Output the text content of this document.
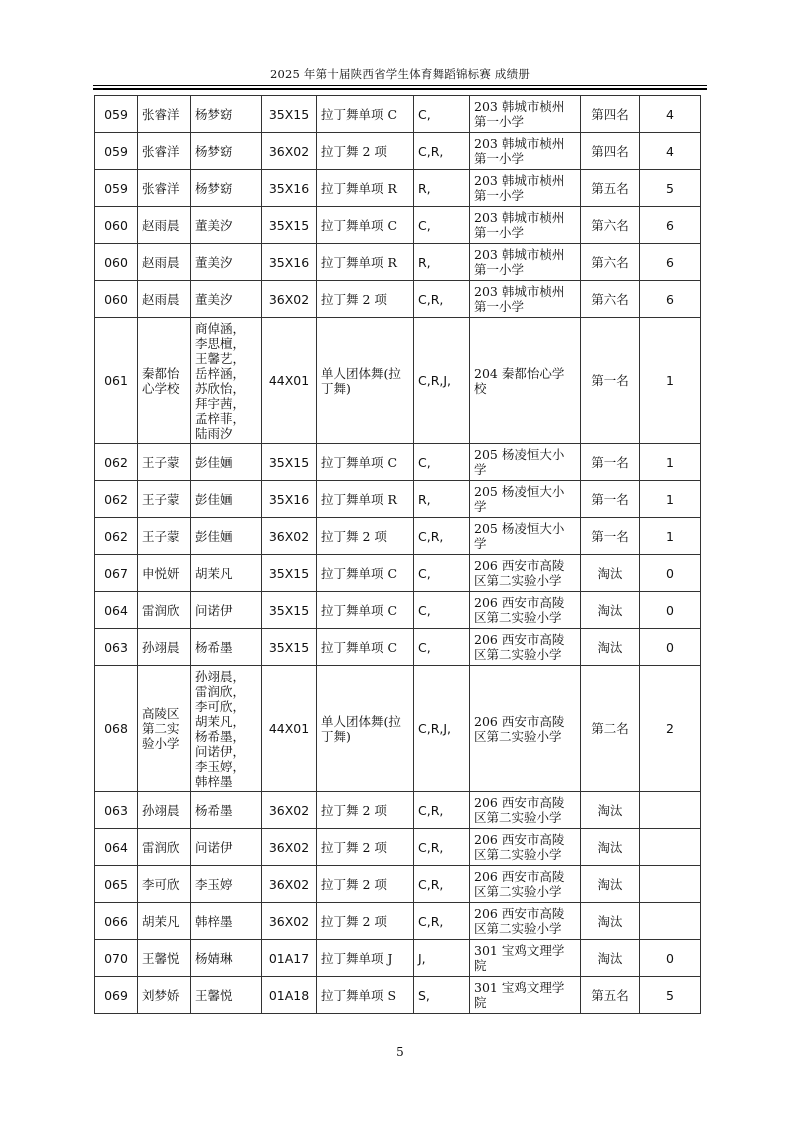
2025 年第十届陕西省学生体育舞蹈锦标赛 成绩册
059	张睿洋	杨梦窈	35X15	拉丁舞单项 C	C,	203 韩城市桢州第一小学	第四名	4
059	张睿洋	杨梦窈	36X02	拉丁舞 2 项	C,R,	203 韩城市桢州第一小学	第四名	4
059	张睿洋	杨梦窈	35X16	拉丁舞单项 R	R,	203 韩城市桢州第一小学	第五名	5
060	赵雨晨	董美汐	35X15	拉丁舞单项 C	C,	203 韩城市桢州第一小学	第六名	6
060	赵雨晨	董美汐	35X16	拉丁舞单项 R	R,	203 韩城市桢州第一小学	第六名	6
060	赵雨晨	董美汐	36X02	拉丁舞 2 项	C,R,	203 韩城市桢州第一小学	第六名	6
061	秦都怡心学校	商倬涵，李思檀，王馨艺，岳梓涵，苏欣怡，拜宇茜，孟梓菲，陆雨汐	44X01	单人团体舞(拉丁舞)	C,R,J,	204 秦都怡心学校	第一名	1
062	王子蒙	彭佳婳	35X15	拉丁舞单项 C	C,	205 杨凌恒大小学	第一名	1
062	王子蒙	彭佳婳	35X16	拉丁舞单项 R	R,	205 杨凌恒大小学	第一名	1
062	王子蒙	彭佳婳	36X02	拉丁舞 2 项	C,R,	205 杨凌恒大小学	第一名	1
067	申悦妍	胡茉凡	35X15	拉丁舞单项 C	C,	206 西安市高陵区第二实验小学	淘汰	0
064	雷润欣	问诺伊	35X15	拉丁舞单项 C	C,	206 西安市高陵区第二实验小学	淘汰	0
063	孙翊晨	杨希墨	35X15	拉丁舞单项 C	C,	206 西安市高陵区第二实验小学	淘汰	0
068	高陵区第二实验小学	孙翊晨，雷润欣，李可欣，胡茉凡，杨希墨，问诺伊，李玉婷，韩梓墨	44X01	单人团体舞(拉丁舞)	C,R,J,	206 西安市高陵区第二实验小学	第二名	2
063	孙翊晨	杨希墨	36X02	拉丁舞 2 项	C,R,	206 西安市高陵区第二实验小学	淘汰	
064	雷润欣	问诺伊	36X02	拉丁舞 2 项	C,R,	206 西安市高陵区第二实验小学	淘汰	
065	李可欣	李玉婷	36X02	拉丁舞 2 项	C,R,	206 西安市高陵区第二实验小学	淘汰	
066	胡茉凡	韩梓墨	36X02	拉丁舞 2 项	C,R,	206 西安市高陵区第二实验小学	淘汰	
070	王馨悦	杨婧琳	01A17	拉丁舞单项 J	J,	301 宝鸡文理学院	淘汰	0
069	刘梦娇	王馨悦	01A18	拉丁舞单项 S	S,	301 宝鸡文理学院	第五名	5
5
